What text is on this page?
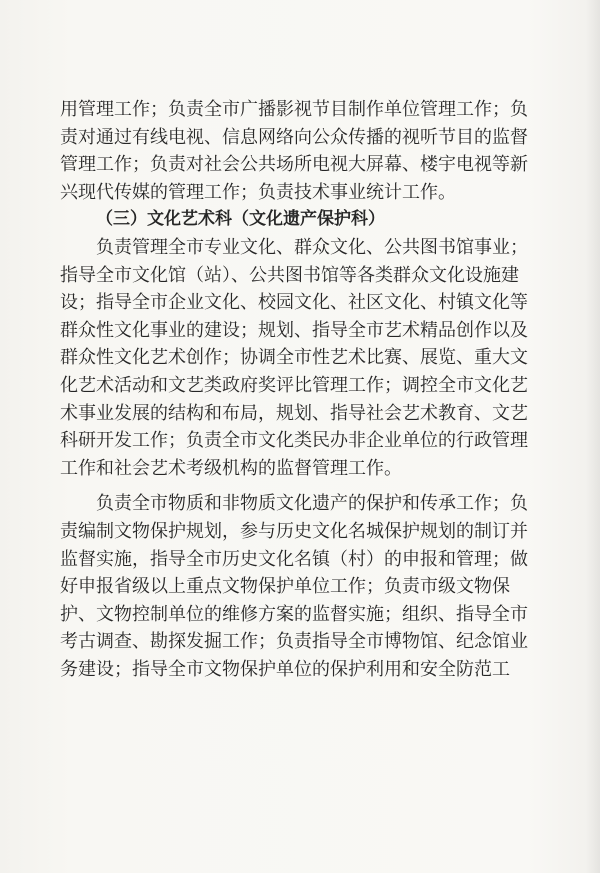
用管理工作；负责全市广播影视节目制作单位管理工作；负
责对通过有线电视、信息网络向公众传播的视听节目的监督
管理工作；负责对社会公共场所电视大屏幕、楼宇电视等新
兴现代传媒的管理工作；负责技术事业统计工作。
（三）文化艺术科（文化遗产保护科）
负责管理全市专业文化、群众文化、公共图书馆事业；
指导全市文化馆（站）、公共图书馆等各类群众文化设施建
设；指导全市企业文化、校园文化、社区文化、村镇文化等
群众性文化事业的建设；规划、指导全市艺术精品创作以及
群众性文化艺术创作；协调全市性艺术比赛、展览、重大文
化艺术活动和文艺类政府奖评比管理工作；调控全市文化艺
术事业发展的结构和布局，规划、指导社会艺术教育、文艺
科研开发工作；负责全市文化类民办非企业单位的行政管理
工作和社会艺术考级机构的监督管理工作。
负责全市物质和非物质文化遗产的保护和传承工作；负
责编制文物保护规划，参与历史文化名城保护规划的制订并
监督实施，指导全市历史文化名镇（村）的申报和管理；做
好申报省级以上重点文物保护单位工作；负责市级文物保
护、文物控制单位的维修方案的监督实施；组织、指导全市
考古调查、勘探发掘工作；负责指导全市博物馆、纪念馆业
务建设；指导全市文物保护单位的保护利用和安全防范工
